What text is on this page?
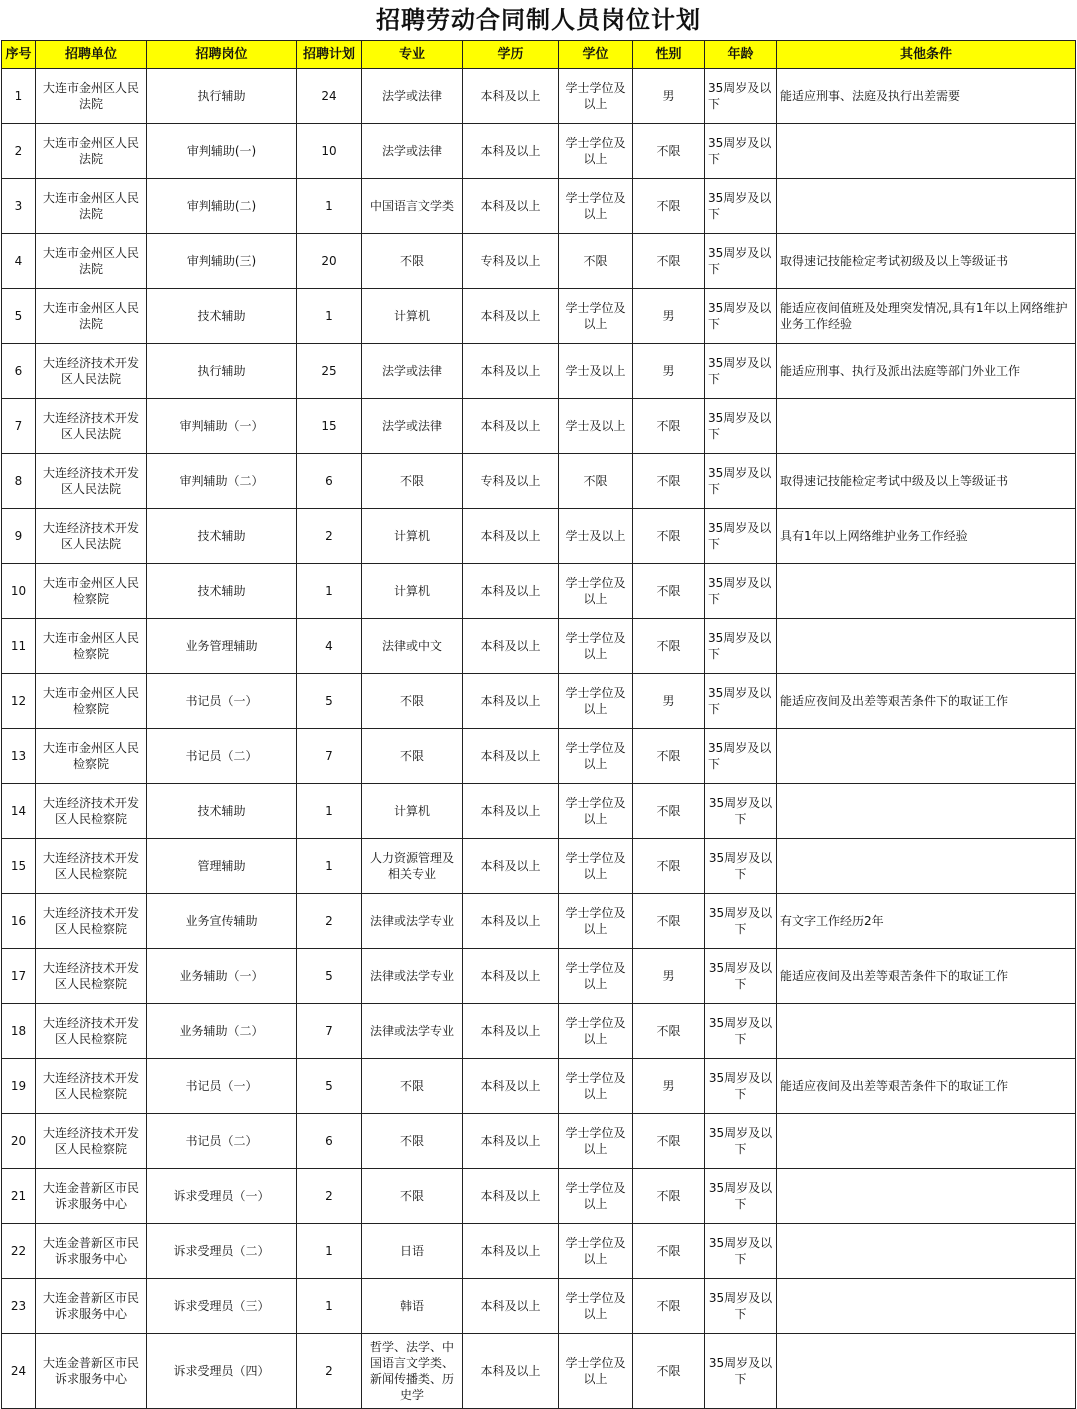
招聘劳动合同制人员岗位计划
序号	招聘单位	招聘岗位	招聘计划	专业	学历	学位	性别	年龄	其他条件
1	大连市金州区人民法院	执行辅助	24	法学或法律	本科及以上	学士学位及以上	男	35周岁及以下	能适应刑事、法庭及执行出差需要
2	大连市金州区人民法院	审判辅助(一)	10	法学或法律	本科及以上	学士学位及以上	不限	35周岁及以下	
3	大连市金州区人民法院	审判辅助(二)	1	中国语言文学类	本科及以上	学士学位及以上	不限	35周岁及以下	
4	大连市金州区人民法院	审判辅助(三)	20	不限	专科及以上	不限	不限	35周岁及以下	取得速记技能检定考试初级及以上等级证书
5	大连市金州区人民法院	技术辅助	1	计算机	本科及以上	学士学位及以上	男	35周岁及以下	能适应夜间值班及处理突发情况,具有1年以上网络维护业务工作经验
6	大连经济技术开发区人民法院	执行辅助	25	法学或法律	本科及以上	学士及以上	男	35周岁及以下	能适应刑事、执行及派出法庭等部门外业工作
7	大连经济技术开发区人民法院	审判辅助（一）	15	法学或法律	本科及以上	学士及以上	不限	35周岁及以下	
8	大连经济技术开发区人民法院	审判辅助（二）	6	不限	专科及以上	不限	不限	35周岁及以下	取得速记技能检定考试中级及以上等级证书
9	大连经济技术开发区人民法院	技术辅助	2	计算机	本科及以上	学士及以上	不限	35周岁及以下	具有1年以上网络维护业务工作经验
10	大连市金州区人民检察院	技术辅助	1	计算机	本科及以上	学士学位及以上	不限	35周岁及以下	
11	大连市金州区人民检察院	业务管理辅助	4	法律或中文	本科及以上	学士学位及以上	不限	35周岁及以下	
12	大连市金州区人民检察院	书记员（一）	5	不限	本科及以上	学士学位及以上	男	35周岁及以下	能适应夜间及出差等艰苦条件下的取证工作
13	大连市金州区人民检察院	书记员（二）	7	不限	本科及以上	学士学位及以上	不限	35周岁及以下	
14	大连经济技术开发区人民检察院	技术辅助	1	计算机	本科及以上	学士学位及以上	不限	35周岁及以下	
15	大连经济技术开发区人民检察院	管理辅助	1	人力资源管理及相关专业	本科及以上	学士学位及以上	不限	35周岁及以下	
16	大连经济技术开发区人民检察院	业务宣传辅助	2	法律或法学专业	本科及以上	学士学位及以上	不限	35周岁及以下	有文字工作经历2年
17	大连经济技术开发区人民检察院	业务辅助（一）	5	法律或法学专业	本科及以上	学士学位及以上	男	35周岁及以下	能适应夜间及出差等艰苦条件下的取证工作
18	大连经济技术开发区人民检察院	业务辅助（二）	7	法律或法学专业	本科及以上	学士学位及以上	不限	35周岁及以下	
19	大连经济技术开发区人民检察院	书记员（一）	5	不限	本科及以上	学士学位及以上	男	35周岁及以下	能适应夜间及出差等艰苦条件下的取证工作
20	大连经济技术开发区人民检察院	书记员（二）	6	不限	本科及以上	学士学位及以上	不限	35周岁及以下	
21	大连金普新区市民诉求服务中心	诉求受理员（一）	2	不限	本科及以上	学士学位及以上	不限	35周岁及以下	
22	大连金普新区市民诉求服务中心	诉求受理员（二）	1	日语	本科及以上	学士学位及以上	不限	35周岁及以下	
23	大连金普新区市民诉求服务中心	诉求受理员（三）	1	韩语	本科及以上	学士学位及以上	不限	35周岁及以下	
24	大连金普新区市民诉求服务中心	诉求受理员（四）	2	哲学、法学、中国语言文学类、新闻传播类、历史学	本科及以上	学士学位及以上	不限	35周岁及以下	
